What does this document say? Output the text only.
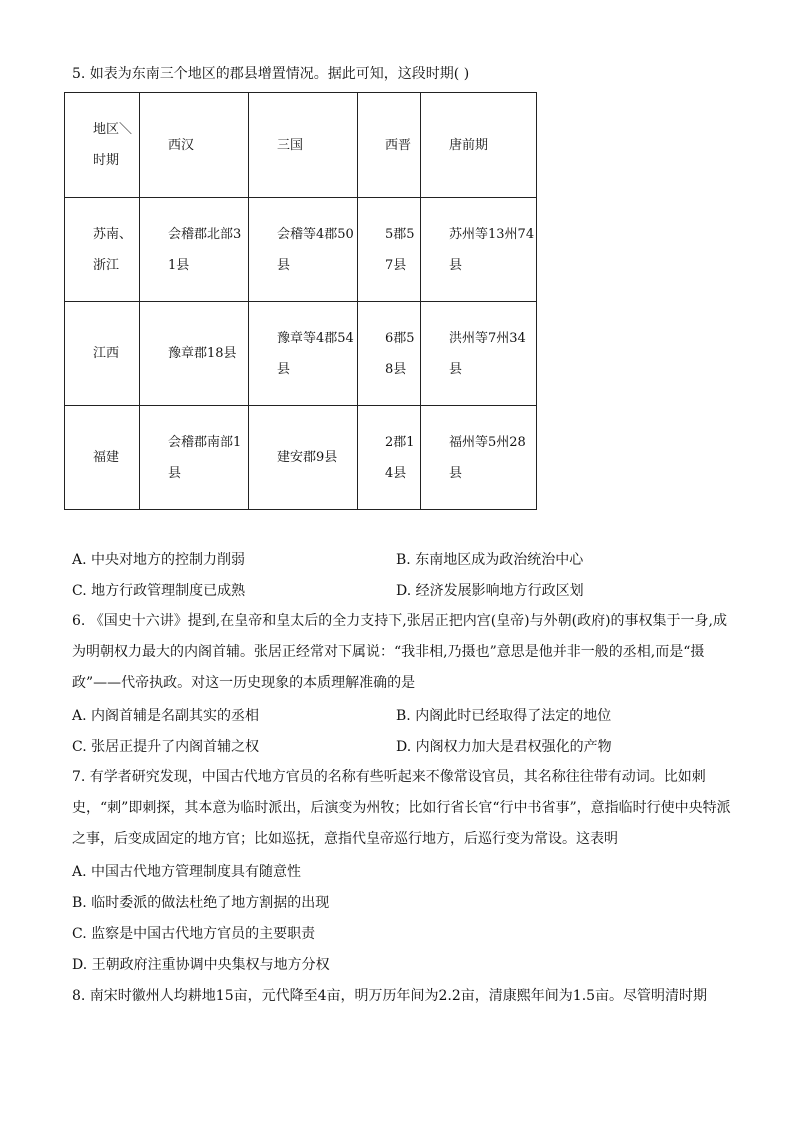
5. 如表为东南三个地区的郡县增置情况。据此可知，这段时期( )
地区＼时期	西汉	三国	西晋	唐前期
苏南、浙江	会稽郡北部31县	会稽等4郡50县	5郡57县	苏州等13州74县
江西	豫章郡18县	豫章等4郡54县	6郡58县	洪州等7州34县
福建	会稽郡南部1县	建安郡9县	2郡14县	福州等5州28县
A. 中央对地方的控制力削弱	B. 东南地区成为政治统治中心
C. 地方行政管理制度已成熟	D. 经济发展影响地方行政区划
6. 《国史十六讲》提到,在皇帝和皇太后的全力支持下,张居正把内宫(皇帝)与外朝(政府)的事权集于一身,成为明朝权力最大的内阁首辅。张居正经常对下属说：“我非相,乃摄也”意思是他并非一般的丞相,而是“摄政”——代帝执政。对这一历史现象的本质理解准确的是
A. 内阁首辅是名副其实的丞相	B. 内阁此时已经取得了法定的地位
C. 张居正提升了内阁首辅之权	D. 内阁权力加大是君权强化的产物
7. 有学者研究发现，中国古代地方官员的名称有些听起来不像常设官员，其名称往往带有动词。比如刺史，“刺”即刺探，其本意为临时派出，后演变为州牧；比如行省长官“行中书省事”，意指临时行使中央特派之事，后变成固定的地方官；比如巡抚，意指代皇帝巡行地方，后巡行变为常设。这表明
A. 中国古代地方管理制度具有随意性
B. 临时委派的做法杜绝了地方割据的出现
C. 监察是中国古代地方官员的主要职责
D. 王朝政府注重协调中央集权与地方分权
8. 南宋时徽州人均耕地15亩，元代降至4亩，明万历年间为2.2亩，清康熙年间为1.5亩。尽管明清时期
